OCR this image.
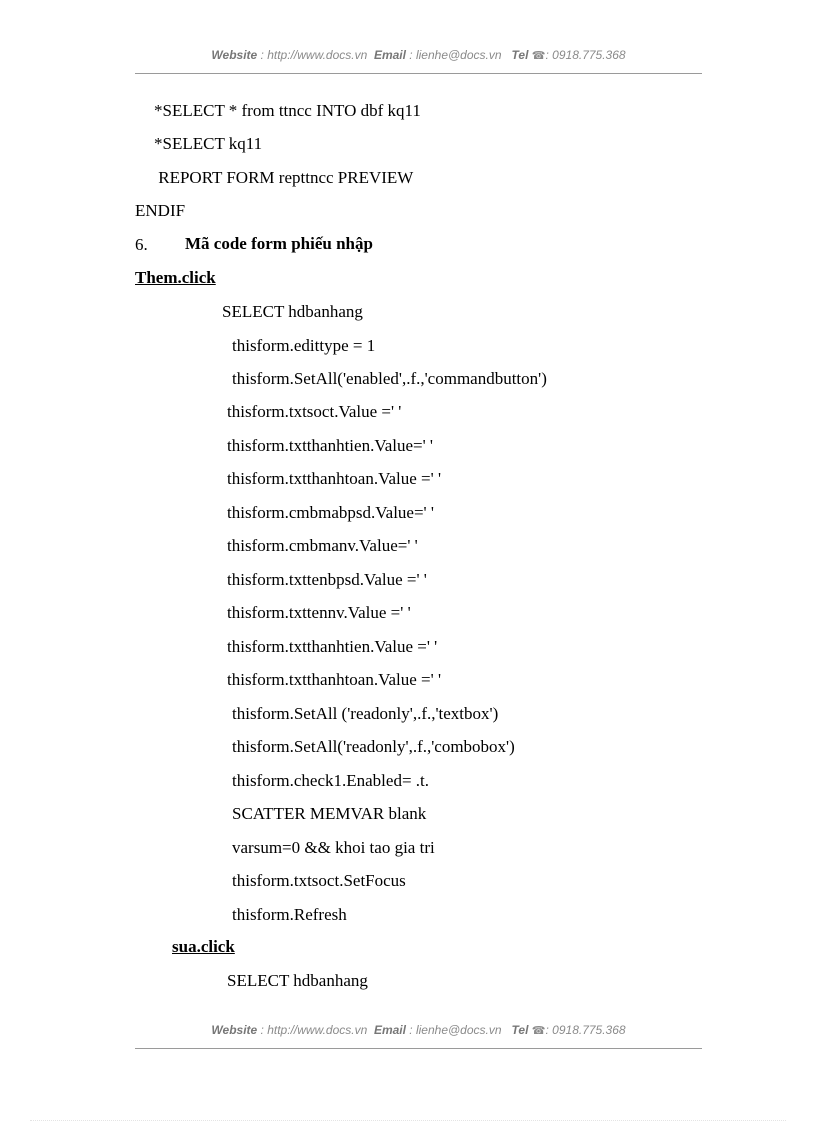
Website : http://www.docs.vn Email : lienhe@docs.vn Tel ☎: 0918.775.368
*SELECT * from ttncc INTO dbf kq11
*SELECT kq11
REPORT FORM repttncc PREVIEW
ENDIF
6. Mã code form phiếu nhập
Them.click
SELECT hdbanhang
thisform.edittype = 1
thisform.SetAll('enabled',.f.,'commandbutton')
thisform.txtsoct.Value =' '
thisform.txtthanhtien.Value=' '
thisform.txtthanhtoan.Value =' '
thisform.cmbmabpsd.Value=' '
thisform.cmbmanv.Value=' '
thisform.txttenbpsd.Value =' '
thisform.txttennv.Value =' '
thisform.txtthanhtien.Value =' '
thisform.txtthanhtoan.Value =' '
thisform.SetAll ('readonly',.f.,'textbox')
thisform.SetAll('readonly',.f.,'combobox')
thisform.check1.Enabled= .t.
SCATTER MEMVAR blank
varsum=0 && khoi tao gia tri
thisform.txtsoct.SetFocus
thisform.Refresh
sua.click
SELECT hdbanhang
Website : http://www.docs.vn Email : lienhe@docs.vn Tel ☎: 0918.775.368
